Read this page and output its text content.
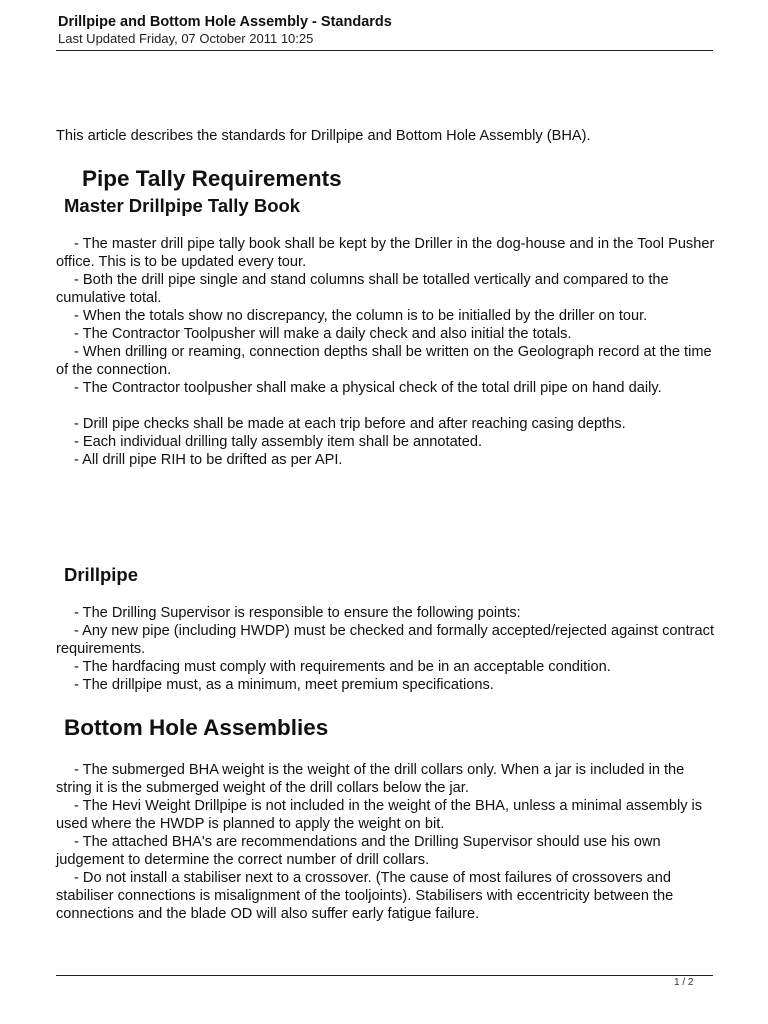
Drillpipe and Bottom Hole Assembly - Standards
Last Updated Friday, 07 October 2011 10:25
This article describes the standards for Drillpipe and Bottom Hole Assembly (BHA).
Pipe Tally Requirements
Master Drillpipe Tally Book

- The master drill pipe tally book shall be kept by the Driller in the dog-house and in the Tool Pusher office. This is to be updated every tour.

- Both the drill pipe single and stand columns shall be totalled vertically and compared to the cumulative total.

- When the totals show no discrepancy, the column is to be initialled by the driller on tour.

- The Contractor Toolpusher will make a daily check and also initial the totals.

- When drilling or reaming, connection depths shall be written on the Geolograph record at the time of the connection.

- The Contractor toolpusher shall make a physical check of the total drill pipe on hand daily.

- Drill pipe checks shall be made at each trip before and after reaching casing depths.

- Each individual drilling tally assembly item shall be annotated.

- All drill pipe RIH to be drifted as per API.

Drillpipe

- The Drilling Supervisor is responsible to ensure the following points:

- Any new pipe (including HWDP) must be checked and formally accepted/rejected against contract requirements.

- The hardfacing must comply with requirements and be in an acceptable condition.

- The drillpipe must, as a minimum, meet premium specifications.

Bottom Hole Assemblies

- The submerged BHA weight is the weight of the drill collars only. When a jar is included in the string it is the submerged weight of the drill collars below the jar.

- The Hevi Weight Drillpipe is not included in the weight of the BHA, unless a minimal assembly is used where the HWDP is planned to apply the weight on bit.

- The attached BHA's are recommendations and the Drilling Supervisor should use his own judgement to determine the correct number of drill collars.

- Do not install a stabiliser next to a crossover. (The cause of most failures of crossovers and stabiliser connections is misalignment of the tooljoints). Stabilisers with eccentricity between the connections and the blade OD will also suffer early fatigue failure.

1 / 2
